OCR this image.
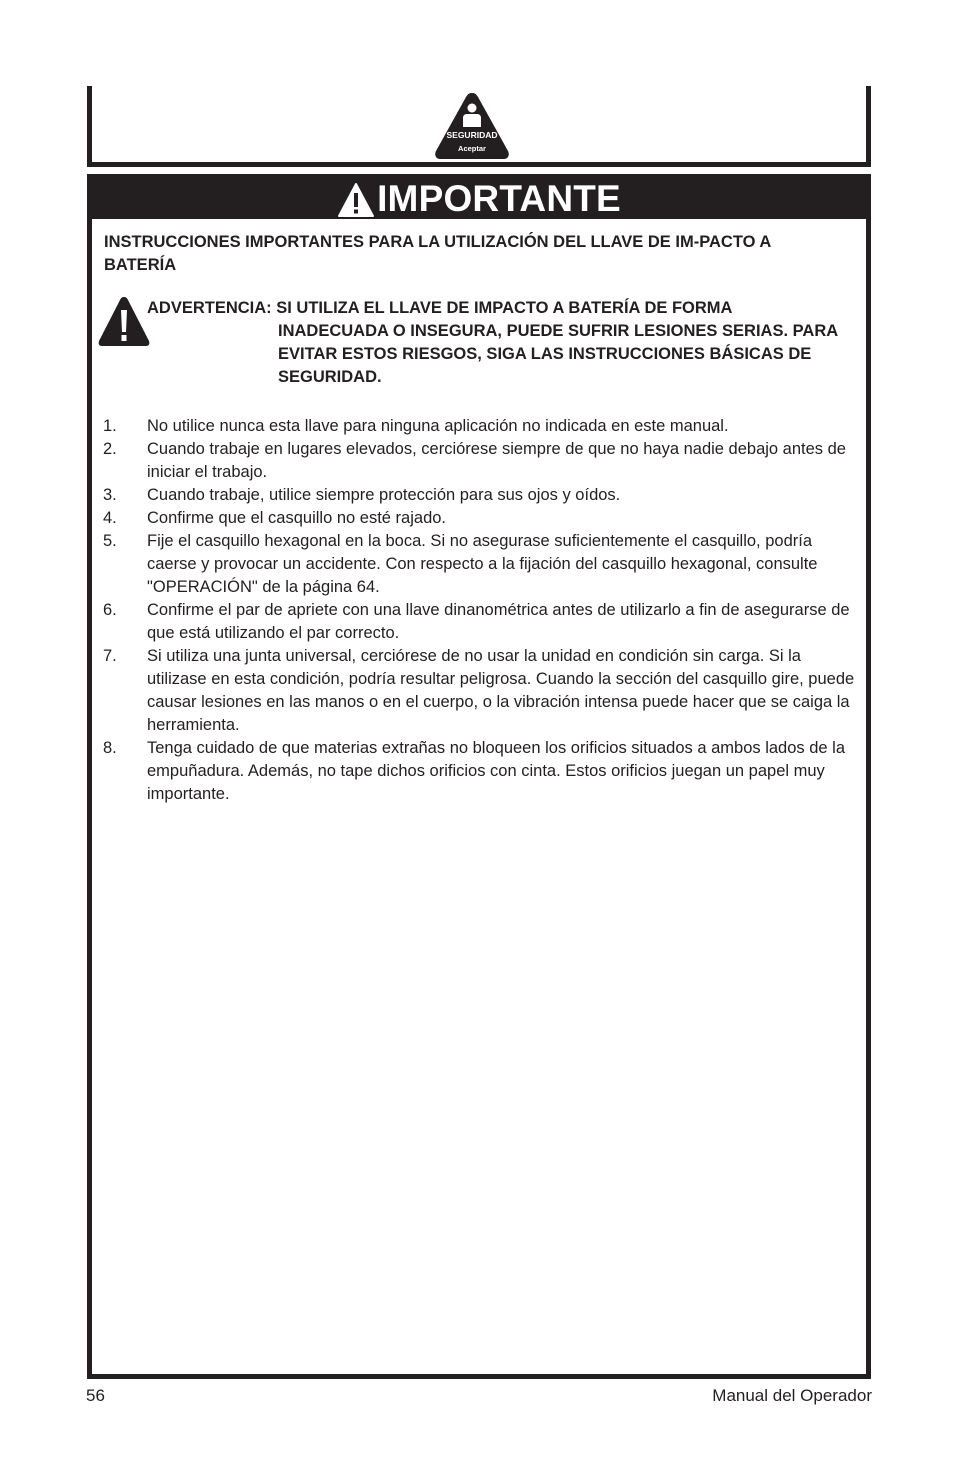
SEGURIDAD
Aceptar
IMPORTANTE
INSTRUCCIONES IMPORTANTES PARA LA UTILIZACIÓN DEL LLAVE DE IM-PACTO A BATERÍA
ADVERTENCIA: SI UTILIZA EL LLAVE DE IMPACTO A BATERÍA DE FORMA
INADECUADA O INSEGURA, PUEDE SUFRIR LESIONES SERIAS. PARA EVITAR ESTOS RIESGOS, SIGA LAS INSTRUCCIONES BÁSICAS DE SEGURIDAD.
1.	No utilice nunca esta llave para ninguna aplicación no indicada en este manual.
2.	Cuando trabaje en lugares elevados, cerciórese siempre de que no haya nadie debajo antes de iniciar el trabajo.
3.	Cuando trabaje, utilice siempre protección para sus ojos y oídos.
4.	Confirme que el casquillo no esté rajado.
5.	Fije el casquillo hexagonal en la boca. Si no asegurase suficientemente el casquillo, podría caerse y provocar un accidente. Con respecto a la fijación del casquillo hexagonal, consulte "OPERACIÓN" de la página 64.
6.	Confirme el par de apriete con una llave dinanométrica antes de utilizarlo a fin de asegurarse de que está utilizando el par correcto.
7.	Si utiliza una junta universal, cerciórese de no usar la unidad en condición sin carga. Si la utilizase en esta condición, podría resultar peligrosa. Cuando la sección del casquillo gire, puede causar lesiones en las manos o en el cuerpo, o la vibración intensa puede hacer que se caiga la herramienta.
8.	Tenga cuidado de que materias extrañas no bloqueen los orificios situados a ambos lados de la empuñadura. Además, no tape dichos orificios con cinta. Estos orificios juegan un papel muy importante.
56	Manual del Operador
